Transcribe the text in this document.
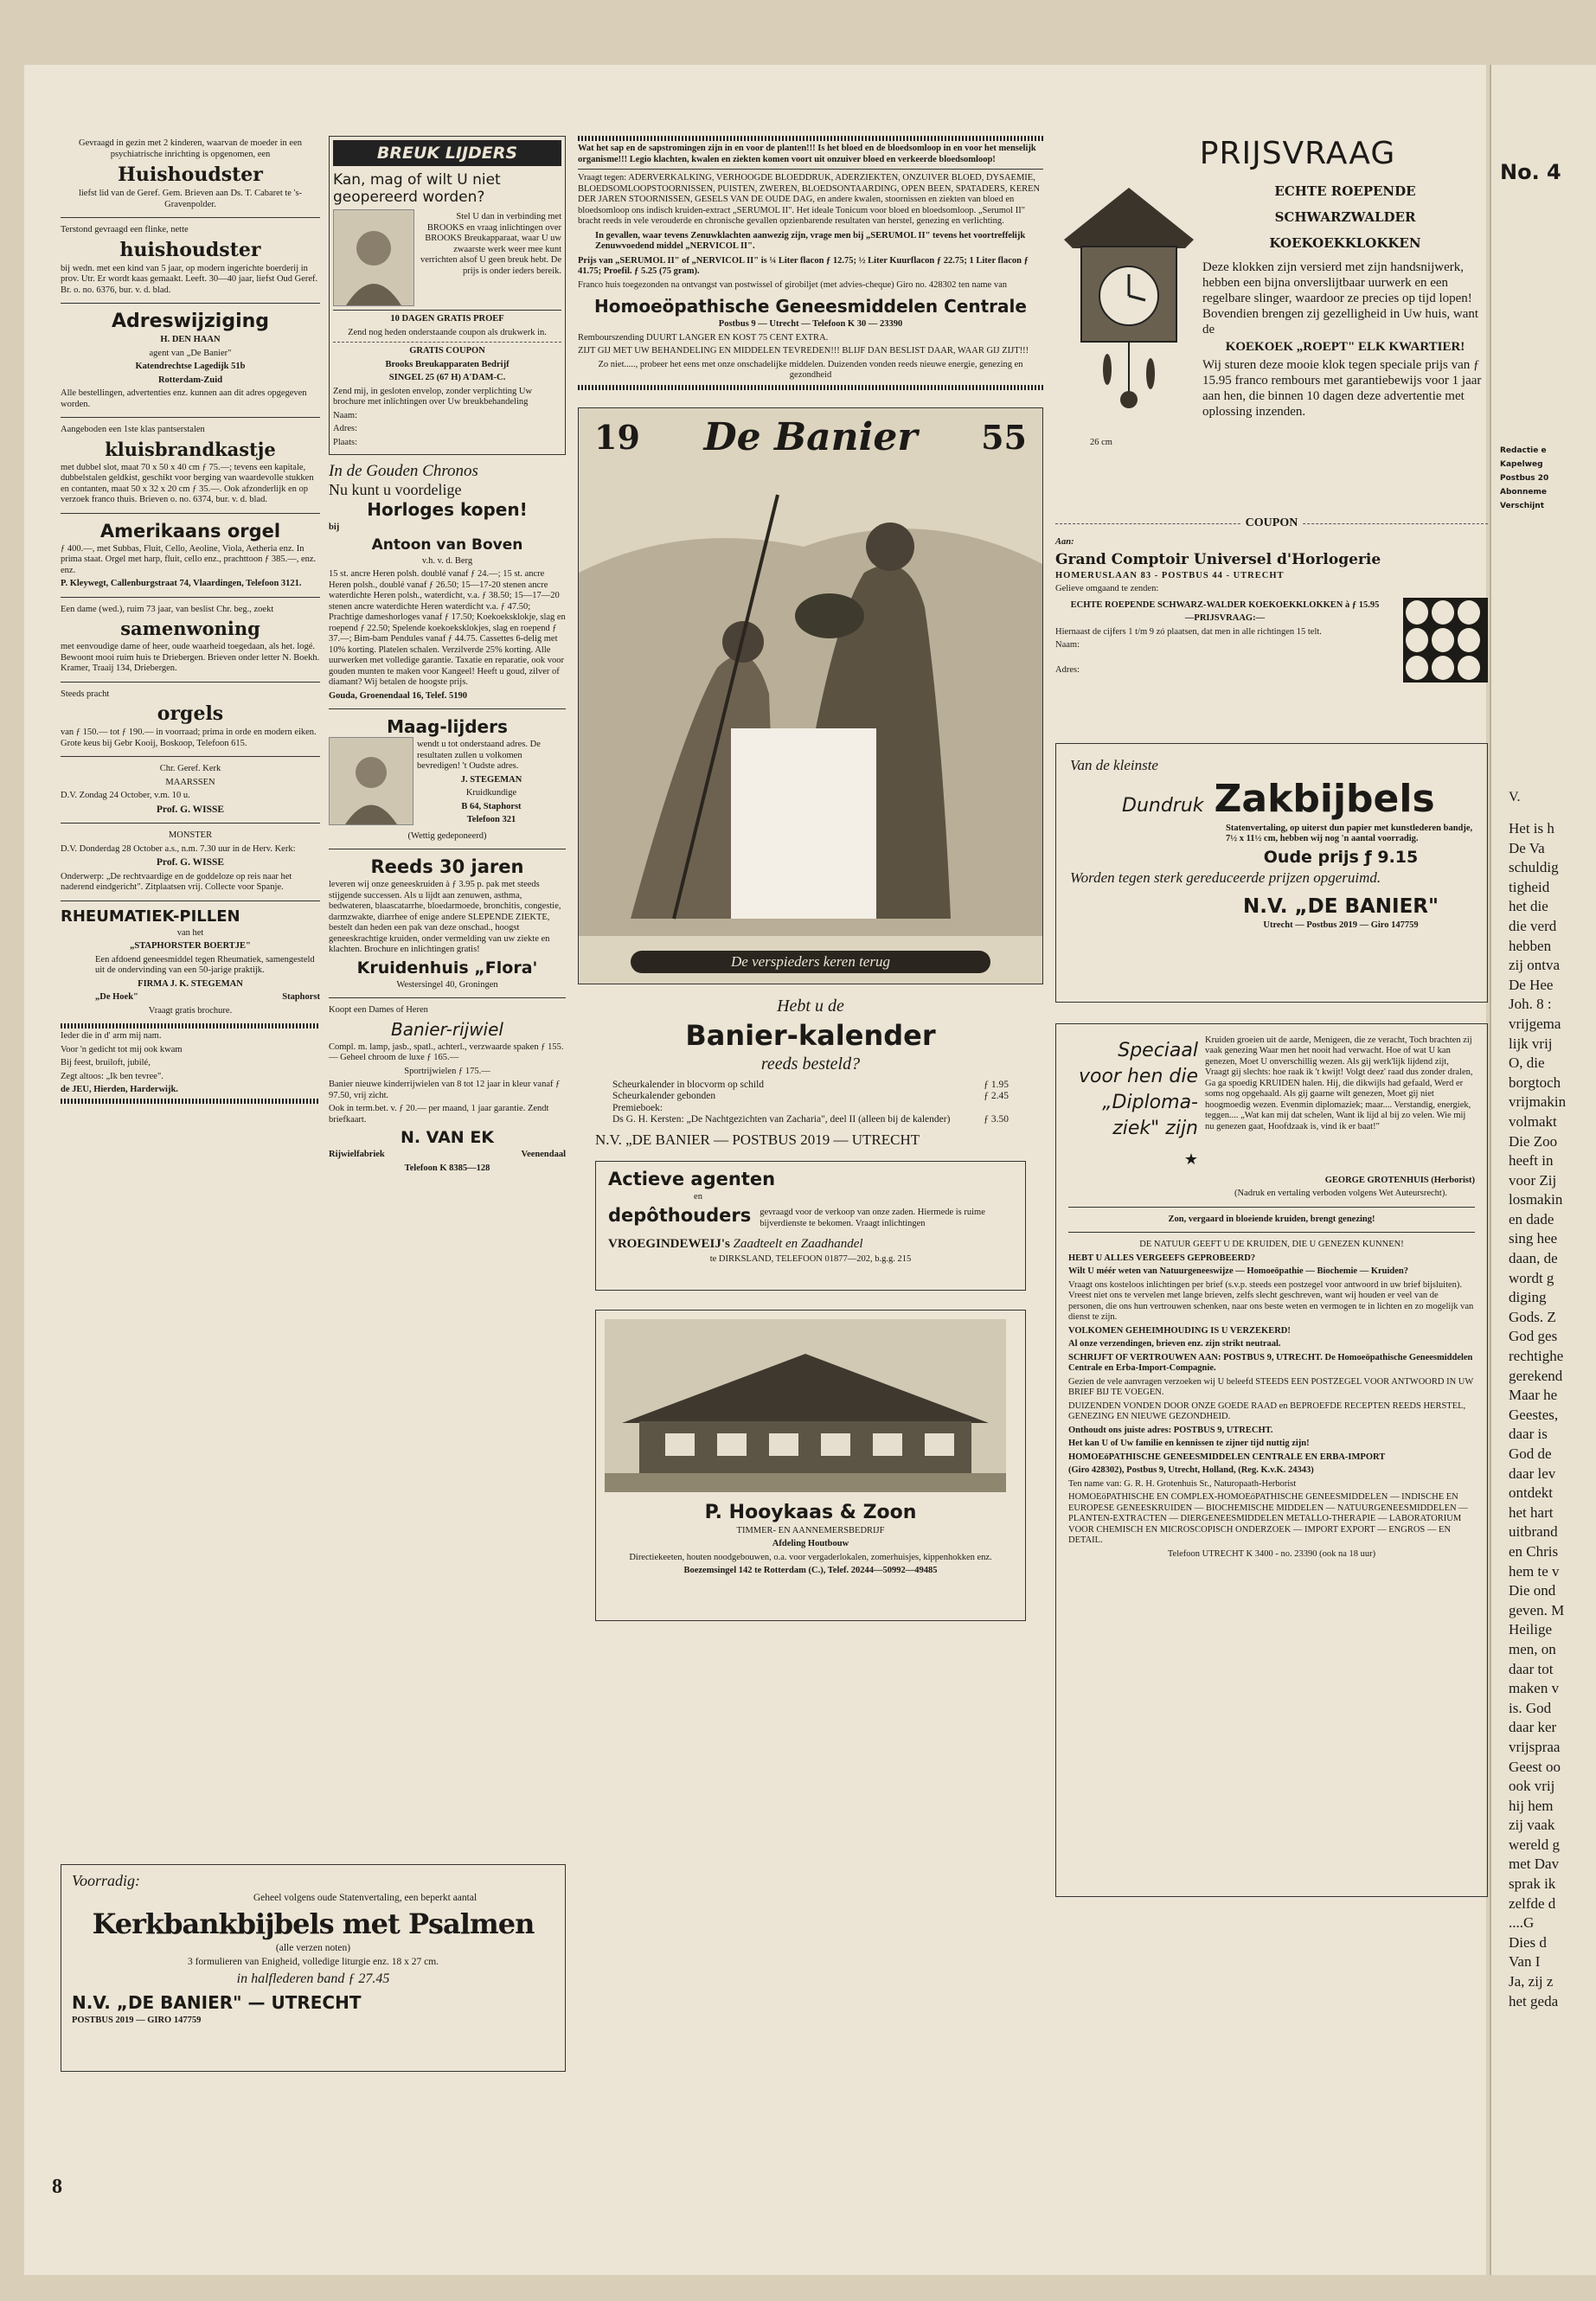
Gevraagd in gezin met 2 kinderen, waarvan de moeder in een psychiatrische inrichting is opgenomen, een

Huishoudster

liefst lid van de Geref. Gem. Brieven aan Ds. T. Cabaret te 's-Gravenpolder.

Terstond gevraagd een flinke, nette

huishoudster

bij wedn. met een kind van 5 jaar, op modern ingerichte boerderij in prov. Utr. Er wordt kaas gemaakt. Leeft. 30—40 jaar, liefst Oud Geref. Br. o. no. 6376, bur. v. d. blad.

Adreswijziging

H. DEN HAAN

agent van „De Banier"

Katendrechtse Lagedijk 51b

Rotterdam-Zuid

Alle bestellingen, advertenties enz. kunnen aan dit adres opgegeven worden.

Aangeboden een 1ste klas pantserstalen

kluisbrandkastje

met dubbel slot, maat 70 x 50 x 40 cm ƒ 75.—; tevens een kapitale, dubbelstalen geldkist, geschikt voor berging van waardevolle stukken en contanten, maat 50 x 32 x 20 cm ƒ 35.—. Ook afzonderlijk en op verzoek franco thuis. Brieven o. no. 6374, bur. v. d. blad.

Amerikaans orgel

ƒ 400.—, met Subbas, Fluit, Cello, Aeoline, Viola, Aetheria enz. In prima staat. Orgel met harp, fluit, cello enz., prachttoon ƒ 385.—, enz. enz.

P. Kleywegt, Callenburgstraat 74, Vlaardingen, Telefoon 3121.

Een dame (wed.), ruim 73 jaar, van beslist Chr. beg., zoekt

samenwoning

met eenvoudige dame of heer, oude waarheid toegedaan, als het. logé. Bewoont mooi ruim huis te Driebergen. Brieven onder letter N. Boekh. Kramer, Traaij 134, Driebergen.

Steeds pracht

orgels

van ƒ 150.— tot ƒ 190.— in voorraad; prima in orde en modern eiken. Grote keus bij Gebr Kooij, Boskoop, Telefoon 615.

Chr. Geref. Kerk

MAARSSEN

D.V. Zondag 24 October, v.m. 10 u.

Prof. G. WISSE

MONSTER

D.V. Donderdag 28 October a.s., n.m. 7.30 uur in de Herv. Kerk:

Prof. G. WISSE

Onderwerp: „De rechtvaardige en de goddeloze op reis naar het naderend eindgericht". Zitplaatsen vrij. Collecte voor Spanje.

RHEUMATIEK-PILLEN

van het

„STAPHORSTER BOERTJE"

Een afdoend geneesmiddel tegen Rheumatiek, samengesteld uit de ondervinding van een 50-jarige praktijk.

FIRMA J. K. STEGEMAN

„De Hoek"	Staphorst

Vraagt gratis brochure.

Ieder die in d' arm mij nam.

Voor 'n gedicht tot mij ook kwam

Bij feest, bruiloft, jubilé,

Zegt altoos: „Ik ben tevree".

de JEU, Hierden, Harderwijk.

BREUK LIJDERS
Kan, mag of wilt U niet geopereerd worden?

Stel U dan in verbinding met BROOKS en vraag inlichtingen over BROOKS Breukapparaat, waar U uw zwaarste werk weer mee kunt verrichten alsof U geen breuk hebt. De prijs is onder ieders bereik.

10 DAGEN GRATIS PROEF

Zend nog heden onderstaande coupon als drukwerk in.

GRATIS COUPON

Brooks Breukapparaten Bedrijf

SINGEL 25 (67 H) A'DAM-C.

Zend mij, in gesloten envelop, zonder verplichting Uw brochure met inlichtingen over Uw breukbehandeling

Naam:

Adres:

Plaats:

In de Gouden Chronos
Nu kunt u voordelige
Horloges kopen!

bij

Antoon van Boven

v.h. v. d. Berg

15 st. ancre Heren polsh. doublé vanaf ƒ 24.—; 15 st. ancre Heren polsh., doublé vanaf ƒ 26.50; 15—17-20 stenen ancre waterdichte Heren polsh., waterdicht, v.a. ƒ 38.50; 15—17—20 stenen ancre waterdichte Heren waterdicht v.a. ƒ 47.50; Prachtige dameshorloges vanaf ƒ 17.50; Koekoeksklokje, slag en roepend ƒ 22.50; Spelende koekoeksklokjes, slag en roepend ƒ 37.—; Bim-bam Pendules vanaf ƒ 44.75. Cassettes 6-delig met 10% korting. Platelen schalen. Verzilverde 25% korting. Alle uurwerken met volledige garantie. Taxatie en reparatie, ook voor gouden munten te maken voor Kangeel! Heeft u goud, zilver of diamant? Wij betalen de hoogste prijs.

Gouda, Groenendaal 16, Telef. 5190

Maag-lijders

wendt u tot onderstaand adres. De resultaten zullen u volkomen bevredigen! 't Oudste adres.

J. STEGEMAN

Kruidkundige

B 64, Staphorst

Telefoon 321

(Wettig gedeponeerd)

Reeds 30 jaren

leveren wij onze geneeskruiden à ƒ 3.95 p. pak met steeds stijgende successen. Als u lijdt aan zenuwen, asthma, bedwateren, blaascatarrhe, bloedarmoede, bronchitis, congestie, darmzwakte, diarrhee of enige andere SLEPENDE ZIEKTE, bestelt dan heden een pak van deze onschad., hoogst geneeskrachtige kruiden, onder vermelding van uw ziekte en klachten. Brochure en inlichtingen gratis!

Kruidenhuis „Flora'

Westersingel 40, Groningen

Koopt een Dames of Heren

Banier-rijwiel

Compl. m. lamp, jasb., spatl., achterl., verzwaarde spaken ƒ 155.— Geheel chroom de luxe ƒ 165.—

Sportrijwielen ƒ 175.—

Banier nieuwe kinderrijwielen van 8 tot 12 jaar in kleur vanaf ƒ 97.50, vrij zicht.

Ook in term.bet. v. ƒ 20.— per maand, 1 jaar garantie. Zendt briefkaart.

N. VAN EK

Rijwielfabriek	Veenendaal

Telefoon K 8385—128

Voorradig:

Geheel volgens oude Statenvertaling, een beperkt aantal

Kerkbankbijbels met Psalmen

(alle verzen noten)

3 formulieren van Enigheid, volledige liturgie enz. 18 x 27 cm.

in halflederen band ƒ 27.45

N.V. „DE BANIER" — UTRECHT

POSTBUS 2019 — GIRO 147759

8

Wat het sap en de sapstromingen zijn in en voor de planten!!! Is het bloed en de bloedsomloop in en voor het menselijk organisme!!! Legio klachten, kwalen en ziekten komen voort uit onzuiver bloed en verkeerde bloedsomloop!

Vraagt tegen: ADERVERKALKING, VERHOOGDE BLOEDDRUK, ADERZIEKTEN, ONZUIVER BLOED, DYSAEMIE, BLOEDSOMLOOPSTOORNISSEN, PUISTEN, ZWEREN, BLOEDSONTAARDING, OPEN BEEN, SPATADERS, KEREN DER JAREN STOORNISSEN, GESELS VAN DE OUDE DAG, en andere kwalen, stoornissen en ziekten van bloed en bloedsomloop ons indisch kruiden-extract „SERUMOL II". Het ideale Tonicum voor bloed en bloedsomloop. „Serumol II" bracht reeds in vele verouderde en chronische gevallen opzienbarende resultaten van herstel, genezing en verlichting.

In gevallen, waar tevens Zenuwklachten aanwezig zijn, vrage men bij „SERUMOL II" tevens het voortreffelijk Zenuwvoedend middel „NERVICOL II".

Prijs van „SERUMOL II" of „NERVICOL II" is ¼ Liter flacon ƒ 12.75; ½ Liter Kuurflacon ƒ 22.75; 1 Liter flacon ƒ 41.75; Proefil. ƒ 5.25 (75 gram).

Franco huis toegezonden na ontvangst van postwissel of girobiljet (met advies-cheque) Giro no. 428302 ten name van

Homoeöpathische Geneesmiddelen Centrale

Postbus 9 — Utrecht — Telefoon K 30 — 23390

Rembourszending DUURT LANGER EN KOST 75 CENT EXTRA.

ZIJT GIJ MET UW BEHANDELING EN MIDDELEN TEVREDEN!!! BLIJF DAN BESLIST DAAR, WAAR GIJ ZIJT!!!

Zo niet....., probeer het eens met onze onschadelijke middelen. Duizenden vonden reeds nieuwe energie, genezing en gezondheid

19 De Banier 55
De verspieders keren terug

Hebt u de

Banier-kalender

reeds besteld?

Scheurkalender in blocvorm op schild	ƒ 1.95

Scheurkalender gebonden	ƒ 2.45

Premieboek:

Ds G. H. Kersten: „De Nachtgezichten van Zacharia", deel II (alleen bij de kalender)	ƒ 3.50

N.V. „DE BANIER — POSTBUS 2019 — UTRECHT

Actieve agenten

en

depôthouders gevraagd voor de verkoop van onze zaden. Hiermede is ruime bijverdienste te bekomen. Vraagt inlichtingen

VROEGINDEWEIJ's Zaadteelt en Zaadhandel

te DIRKSLAND, TELEFOON 01877—202, b.g.g. 215

P. Hooykaas & Zoon

TIMMER- EN AANNEMERSBEDRIJF

Afdeling Houtbouw

Directiekeeten, houten noodgebouwen, o.a. voor vergaderlokalen, zomerhuisjes, kippenhokken enz.

Boezemsingel 142 te Rotterdam (C.), Telef. 20244—50992—49485

PRIJSVRAAG

ECHTE ROEPENDE

SCHWARZWALDER

KOEKOEKKLOKKEN

Deze klokken zijn versierd met zijn handsnijwerk, hebben een bijna onverslijtbaar uurwerk en een regelbare slinger, waardoor ze precies op tijd lopen! Bovendien brengen zij gezelligheid in Uw huis, want de

KOEKOEK „ROEPT" ELK KWARTIER!

26 cm

Wij sturen deze mooie klok tegen speciale prijs van ƒ 15.95 franco rembours met garantiebewijs voor 1 jaar aan hen, die binnen 10 dagen deze advertentie met oplossing inzenden.

COUPON

Aan:

Grand Comptoir Universel d'Horlogerie

HOMERUSLAAN 83 - POSTBUS 44 - UTRECHT

Gelieve omgaand te zenden:

ECHTE ROEPENDE SCHWARZ-WALDER KOEKOEKKLOKKEN à ƒ 15.95

—PRIJSVRAAG:—

Hiernaast de cijfers 1 t/m 9 zó plaatsen, dat men in alle richtingen 15 telt.

Naam:

Adres:

Van de kleinste

Dundruk Zakbijbels

Statenvertaling, op uiterst dun papier met kunstlederen bandje, 7½ x 11½ cm, hebben wij nog 'n aantal voorradig.

Oude prijs ƒ 9.15

Worden tegen sterk gereduceerde prijzen opgeruimd.

N.V. „DE BANIER"

Utrecht — Postbus 2019 — Giro 147759

Speciaal
voor hen die
„Diploma-
ziek" zijn
★

Kruiden groeien uit de aarde, Menigeen, die ze veracht, Toch brachten zij vaak genezing Waar men het nooit had verwacht. Hoe of wat U kan genezen, Moet U onverschillig wezen. Als gij werk'lijk lijdend zijt, Vraagt gij slechts: hoe raak ik 't kwijt! Volgt deez' raad dus zonder dralen, Ga ga spoedig KRUIDEN halen. Hij, die dikwijls had gefaald, Werd er soms nog opgehaald. Als gij gaarne wilt genezen, Moet gij niet hoogmoedig wezen. Evenmin diplomaziek; maar.... Verstandig, energiek, teggen.... „Wat kan mij dat schelen, Want ik lijd al bij zo velen. Wie mij nu genezen gaat, Hoofdzaak is, vind ik er baat!"

GEORGE GROTENHUIS (Herborist)

(Nadruk en vertaling verboden volgens Wet Auteursrecht).

Zon, vergaard in bloeiende kruiden, brengt genezing!

DE NATUUR GEEFT U DE KRUIDEN, DIE U GENEZEN KUNNEN!

HEBT U ALLES VERGEEFS GEPROBEERD?

Wilt U méér weten van Natuurgeneeswijze — Homoeöpathie — Biochemie — Kruiden?

Vraagt ons kosteloos inlichtingen per brief (s.v.p. steeds een postzegel voor antwoord in uw brief bijsluiten). Vreest niet ons te vervelen met lange brieven, zelfs slecht geschreven, want wij houden er veel van de personen, die ons hun vertrouwen schenken, naar ons beste weten en vermogen te in lichten en zo mogelijk van dienst te zijn.

VOLKOMEN GEHEIMHOUDING IS U VERZEKERD!

Al onze verzendingen, brieven enz. zijn strikt neutraal.

SCHRIJFT OF VERTROUWEN AAN: POSTBUS 9, UTRECHT. De Homoeöpathische Geneesmiddelen Centrale en Erba-Import-Compagnie.

Gezien de vele aanvragen verzoeken wij U beleefd STEEDS EEN POSTZEGEL VOOR ANTWOORD IN UW BRIEF BIJ TE VOEGEN.

DUIZENDEN VONDEN DOOR ONZE GOEDE RAAD en BEPROEFDE RECEPTEN REEDS HERSTEL, GENEZING EN NIEUWE GEZONDHEID.

Onthoudt ons juiste adres: POSTBUS 9, UTRECHT.

Het kan U of Uw familie en kennissen te zijner tijd nuttig zijn!

HOMOEöPATHISCHE GENEESMIDDELEN CENTRALE EN ERBA-IMPORT

(Giro 428302), Postbus 9, Utrecht, Holland, (Reg. K.v.K. 24343)

Ten name van: G. R. H. Grotenhuis Sr., Naturopaath-Herborist

HOMOEöPATHISCHE EN COMPLEX-HOMOEöPATHISCHE GENEESMIDDELEN — INDISCHE EN EUROPESE GENEESKRUIDEN — BIOCHEMISCHE MIDDELEN — NATUURGENEESMIDDELEN — PLANTEN-EXTRACTEN — DIERGENEESMIDDELEN METALLO-THERAPIE — LABORATORIUM VOOR CHEMISCH EN MICROSCOPISCH ONDERZOEK — IMPORT EXPORT — ENGROS — EN DETAIL.

Telefoon UTRECHT K 3400 - no. 23390 (ook na 18 uur)

No. 4
Redactie e
Kapelweg
Postbus 20
Abonneme
Verschijnt
V.
Het is h
De Va
schuldig
tigheid
het die
die verd
hebben
zij ontva
De Hee
Joh. 8 :
vrijgema
lijk vrij
O, die
borgtoch
vrijmakin
volmakt
Die Zoo
heeft in
voor Zij
losmakin
en dade
sing hee
daan, de
wordt g
diging
Gods. Z
God ges
rechtighe
gerekend
Maar he
Geestes,
daar is
God de
daar lev
ontdekt
het hart
uitbrand
en Chris
hem te v
Die ond
geven. M
Heilige
men, on
daar tot
maken v
is. God
daar ker
vrijspraa
Geest oo
ook vrij
hij hem
zij vaak
wereld g
met Dav
sprak ik
zelfde d
....G
Dies d
Van I
Ja, zij z
het geda
